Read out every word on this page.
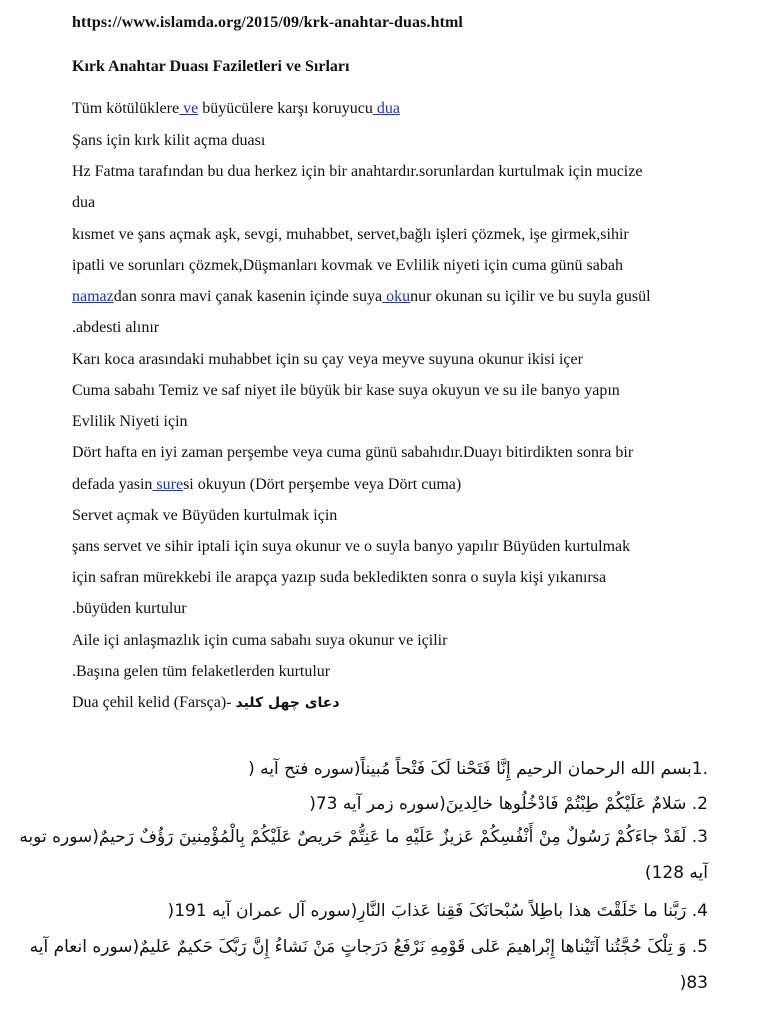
https://www.islamda.org/2015/09/krk-anahtar-duas.html
Kırk Anahtar Duası Faziletleri ve Sırları
Tüm kötülüklere ve büyücülere karşı koruyucu dua
Şans için kırk kilit açma duası
Hz Fatma tarafından bu dua herkez için bir anahtardır.sorunlardan kurtulmak için mucize
dua
kısmet ve şans açmak aşk, sevgi, muhabbet, servet,bağlı işleri çözmek, işe girmek,sihir
ipatli ve sorunları çözmek,Düşmanları kovmak ve Evlilik niyeti için cuma günü sabah
namazdan sonra mavi çanak kasenin içinde suya okunur okunan su içilir ve bu suyla gusül
.abdesti alınır
Karı koca arasındaki muhabbet için su çay veya meyve suyuna okunur ikisi içer
Cuma sabahı Temiz ve saf niyet ile büyük bir kase suya okuyun ve su ile banyo yapın
Evlilik Niyeti için
Dört hafta en iyi zaman perşembe veya cuma günü sabahıdır.Duayı bitirdikten sonra bir
defada yasin suresi okuyun (Dört perşembe veya Dört cuma)
Servet açmak ve Büyüden kurtulmak için
şans servet ve sihir iptali için suya okunur ve o suyla banyo yapılır Büyüden kurtulmak
için safran mürekkebi ile arapça yazıp suda bekledikten sonra o suyla kişi yıkanırsa
.büyüden kurtulur
Aile içi anlaşmazlık için cuma sabahı suya okunur ve içilir
.Başına gelen tüm felaketlerden kurtulur
Dua çehil kelid (Farsça)- دعای چهل کلید
.1بسم الله الرحمان الرحيم إِنَّا فَتَحْنا لَکَ فَتْحاً مُبيناً(سوره فتح آيه (
2. سَلامٌ عَلَيْکُمْ طِبْتُمْ فَادْخُلُوها خالِدينَ(سوره زمر آيه 73(
3. لَقَدْ جاءَکُمْ رَسُولٌ مِنْ أَنْفُسِکُمْ عَزيزٌ عَلَيْهِ ما عَنِتُّمْ حَريصٌ عَلَيْکُمْ بِالْمُؤْمِنينَ رَؤُفٌ رَحيمٌ(سوره توبه
آيه 128)
4. رَبَّنا ما خَلَقْتَ هذا باطِلاً سُبْحانَکَ فَقِنا عَذابَ النَّارِ(سوره آل عمران آيه 191(
5. وَ تِلْکَ حُجَّتُنا آتَيْناها إِبْراهيمَ عَلى قَوْمِهِ نَرْفَعُ دَرَجاتٍ مَنْ نَشاءُ إِنَّ رَبَّکَ حَکيمٌ عَليمٌ(سوره انعام آيه
83(
